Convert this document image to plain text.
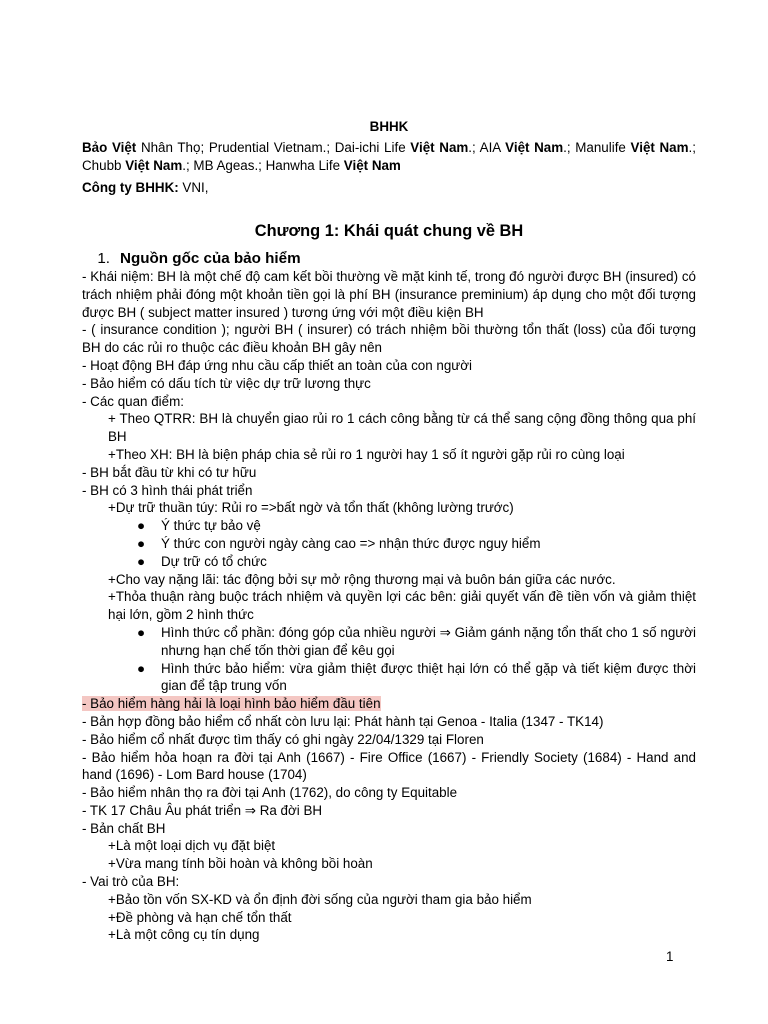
BHHK

Bảo Việt Nhân Thọ; Prudential Vietnam.; Dai-ichi Life Việt Nam.; AIA Việt Nam.; Manulife Việt Nam.; Chubb Việt Nam.; MB Ageas.; Hanwha Life Việt Nam

Công ty BHHK: VNI,

Chương 1: Khái quát chung về BH
1. Nguồn gốc của bảo hiểm

- Khái niệm: BH là một chế độ cam kết bồi thường về mặt kinh tế, trong đó người được BH (insured) có trách nhiệm phải đóng một khoản tiền gọi là phí BH (insurance preminium) áp dụng cho một đối tượng được BH ( subject matter insured ) tương ứng với một điều kiện BH

- ( insurance condition ); người BH ( insurer) có trách nhiệm bồi thường tổn thất (loss) của đối tượng BH do các rủi ro thuộc các điều khoản BH gây nên

- Hoạt động BH đáp ứng nhu cầu cấp thiết an toàn của con người

- Bảo hiểm có dấu tích từ việc dự trữ lương thực

- Các quan điểm:

+ Theo QTRR: BH là chuyển giao rủi ro 1 cách công bằng từ cá thể sang cộng đồng thông qua phí BH

+Theo XH: BH là biện pháp chia sẻ rủi ro 1 người hay 1 số ít người gặp rủi ro cùng loại

- BH bắt đầu từ khi có tư hữu

- BH có 3 hình thái phát triển

+Dự trữ thuần túy: Rủi ro =>bất ngờ và tổn thất (không lường trước)

● Ý thức tự bảo vệ

● Ý thức con người ngày càng cao => nhận thức được nguy hiểm

● Dự trữ có tổ chức

+Cho vay nặng lãi: tác động bởi sự mở rộng thương mại và buôn bán giữa các nước.

+Thỏa thuận ràng buộc trách nhiệm và quyền lợi các bên: giải quyết vấn đề tiền vốn và giảm thiệt hại lớn, gồm 2 hình thức

● Hình thức cổ phần: đóng góp của nhiều người ⇒ Giảm gánh nặng tổn thất cho 1 số người nhưng hạn chế tốn thời gian để kêu gọi

● Hình thức bảo hiểm: vừa giảm thiệt được thiệt hại lớn có thể gặp và tiết kiệm được thời gian để tập trung vốn

- Bảo hiểm hàng hải là loại hình bảo hiểm đầu tiên

- Bản hợp đồng bảo hiểm cổ nhất còn lưu lại: Phát hành tại Genoa - Italia (1347 - TK14)

- Bảo hiểm cổ nhất được tìm thấy có ghi ngày 22/04/1329 tại Floren

- Bảo hiểm hỏa hoạn ra đời tại Anh (1667) - Fire Office (1667) - Friendly Society (1684) - Hand and hand (1696) - Lom Bard house (1704)

- Bảo hiểm nhân thọ ra đời tại Anh (1762), do công ty Equitable

- TK 17 Châu Âu phát triển ⇒ Ra đời BH

- Bản chất BH

+Là một loại dịch vụ đặt biệt

+Vừa mang tính bồi hoàn và không bồi hoàn

- Vai trò của BH:

+Bảo tồn vốn SX-KD và ổn định đời sống của người tham gia bảo hiểm

+Đề phòng và hạn chế tổn thất

+Là một công cụ tín dụng

1
